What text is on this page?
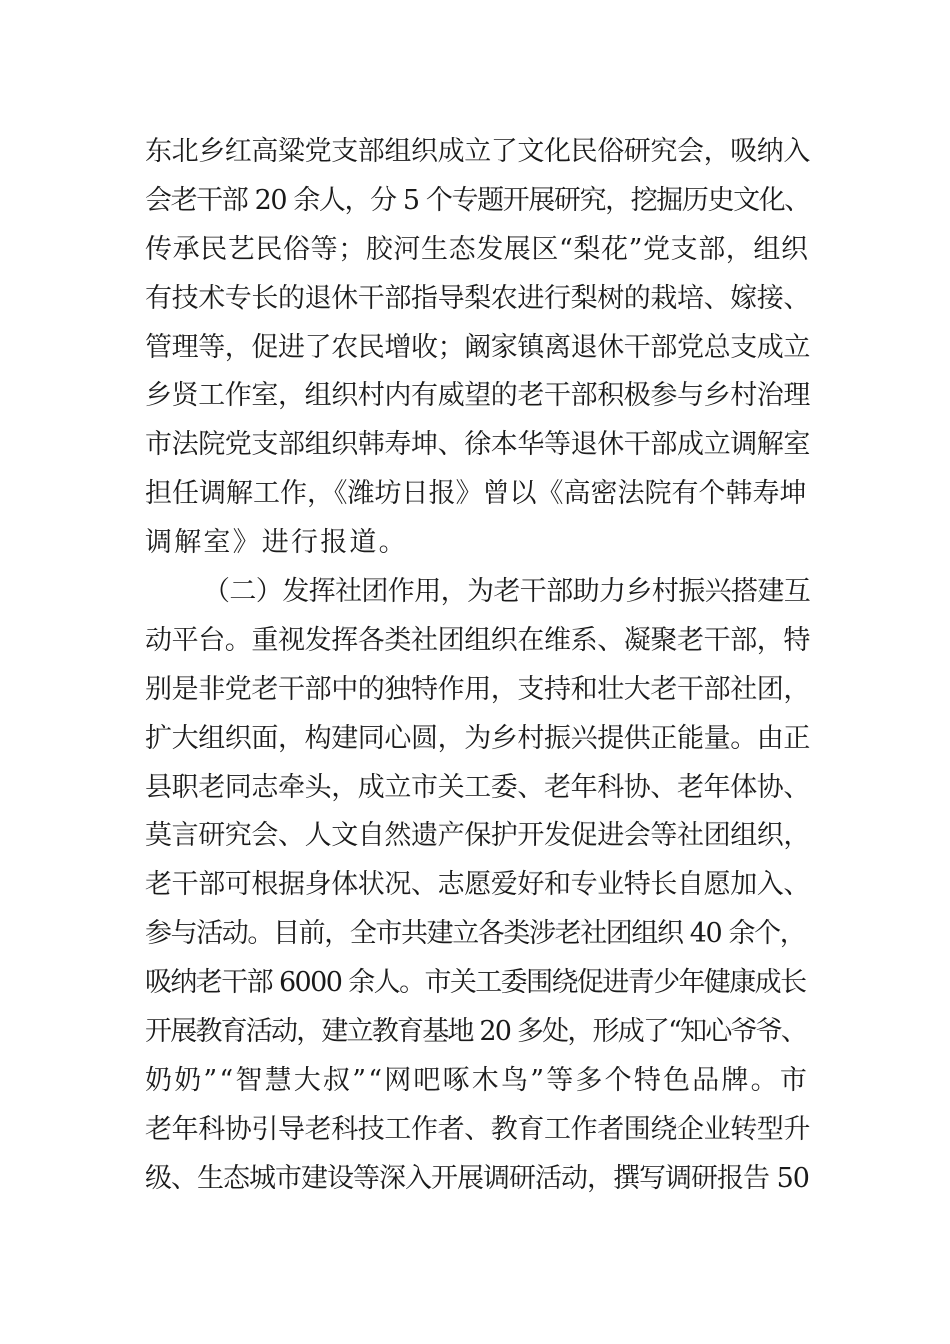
东北乡红高粱党支部组织成立了文化民俗研究会，吸纳入
会老干部 20 余人，分 5 个专题开展研究，挖掘历史文化、
传承民艺民俗等；胶河生态发展区“梨花”党支部，组织
有技术专长的退休干部指导梨农进行梨树的栽培、嫁接、
管理等，促进了农民增收；阚家镇离退休干部党总支成立
乡贤工作室，组织村内有威望的老干部积极参与乡村治理
市法院党支部组织韩寿坤、徐本华等退休干部成立调解室
担任调解工作，《潍坊日报》曾以《高密法院有个韩寿坤
调解室》进行报道。
（二）发挥社团作用，为老干部助力乡村振兴搭建互
动平台。重视发挥各类社团组织在维系、凝聚老干部，特
别是非党老干部中的独特作用，支持和壮大老干部社团，
扩大组织面，构建同心圆，为乡村振兴提供正能量。由正
县职老同志牵头，成立市关工委、老年科协、老年体协、
莫言研究会、人文自然遗产保护开发促进会等社团组织，
老干部可根据身体状况、志愿爱好和专业特长自愿加入、
参与活动。目前，全市共建立各类涉老社团组织 40 余个，
吸纳老干部 6000 余人。市关工委围绕促进青少年健康成长
开展教育活动，建立教育基地 20 多处，形成了“知心爷爷、
奶奶”“智慧大叔”“网吧啄木鸟”等多个特色品牌。市
老年科协引导老科技工作者、教育工作者围绕企业转型升
级、生态城市建设等深入开展调研活动，撰写调研报告 50
